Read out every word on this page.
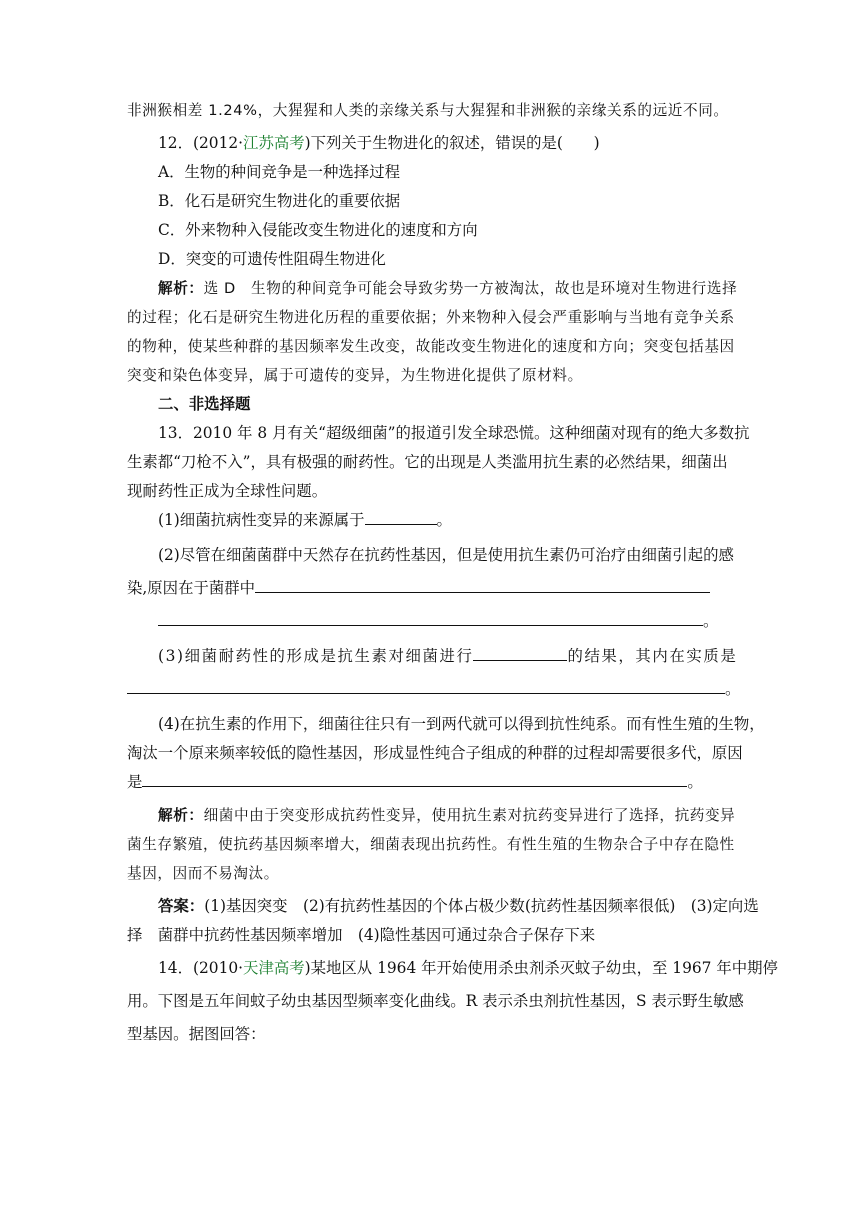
非洲猴相差 1.24%，大猩猩和人类的亲缘关系与大猩猩和非洲猴的亲缘关系的远近不同。
12．(2012·江苏高考)下列关于生物进化的叙述，错误的是(　　)
A．生物的种间竞争是一种选择过程
B．化石是研究生物进化的重要依据
C．外来物种入侵能改变生物进化的速度和方向
D．突变的可遗传性阻碍生物进化
解析：选 D　生物的种间竞争可能会导致劣势一方被淘汰，故也是环境对生物进行选择
的过程；化石是研究生物进化历程的重要依据；外来物种入侵会严重影响与当地有竞争关系
的物种，使某些种群的基因频率发生改变，故能改变生物进化的速度和方向；突变包括基因
突变和染色体变异，属于可遗传的变异，为生物进化提供了原材料。
二、非选择题
13．2010 年 8 月有关“超级细菌”的报道引发全球恐慌。这种细菌对现有的绝大多数抗
生素都“刀枪不入”，具有极强的耐药性。它的出现是人类滥用抗生素的必然结果，细菌出
现耐药性正成为全球性问题。
(1)细菌抗病性变异的来源属于	。
(2)尽管在细菌菌群中天然存在抗药性基因，但是使用抗生素仍可治疗由细菌引起的感
染,原因在于菌群中
。
(3)细菌耐药性的形成是抗生素对细菌进行	的结果，其内在实质是
。
(4)在抗生素的作用下，细菌往往只有一到两代就可以得到抗性纯系。而有性生殖的生物，
淘汰一个原来频率较低的隐性基因，形成显性纯合子组成的种群的过程却需要很多代，原因
是	。
解析：细菌中由于突变形成抗药性变异，使用抗生素对抗药变异进行了选择，抗药变异
菌生存繁殖，使抗药基因频率增大，细菌表现出抗药性。有性生殖的生物杂合子中存在隐性
基因，因而不易淘汰。
答案：(1)基因突变　(2)有抗药性基因的个体占极少数(抗药性基因频率很低)　(3)定向选
择　菌群中抗药性基因频率增加　(4)隐性基因可通过杂合子保存下来
14．(2010·天津高考)某地区从 1964 年开始使用杀虫剂杀灭蚊子幼虫，至 1967 年中期停
用。下图是五年间蚊子幼虫基因型频率变化曲线。R 表示杀虫剂抗性基因，S 表示野生敏感
型基因。据图回答：
